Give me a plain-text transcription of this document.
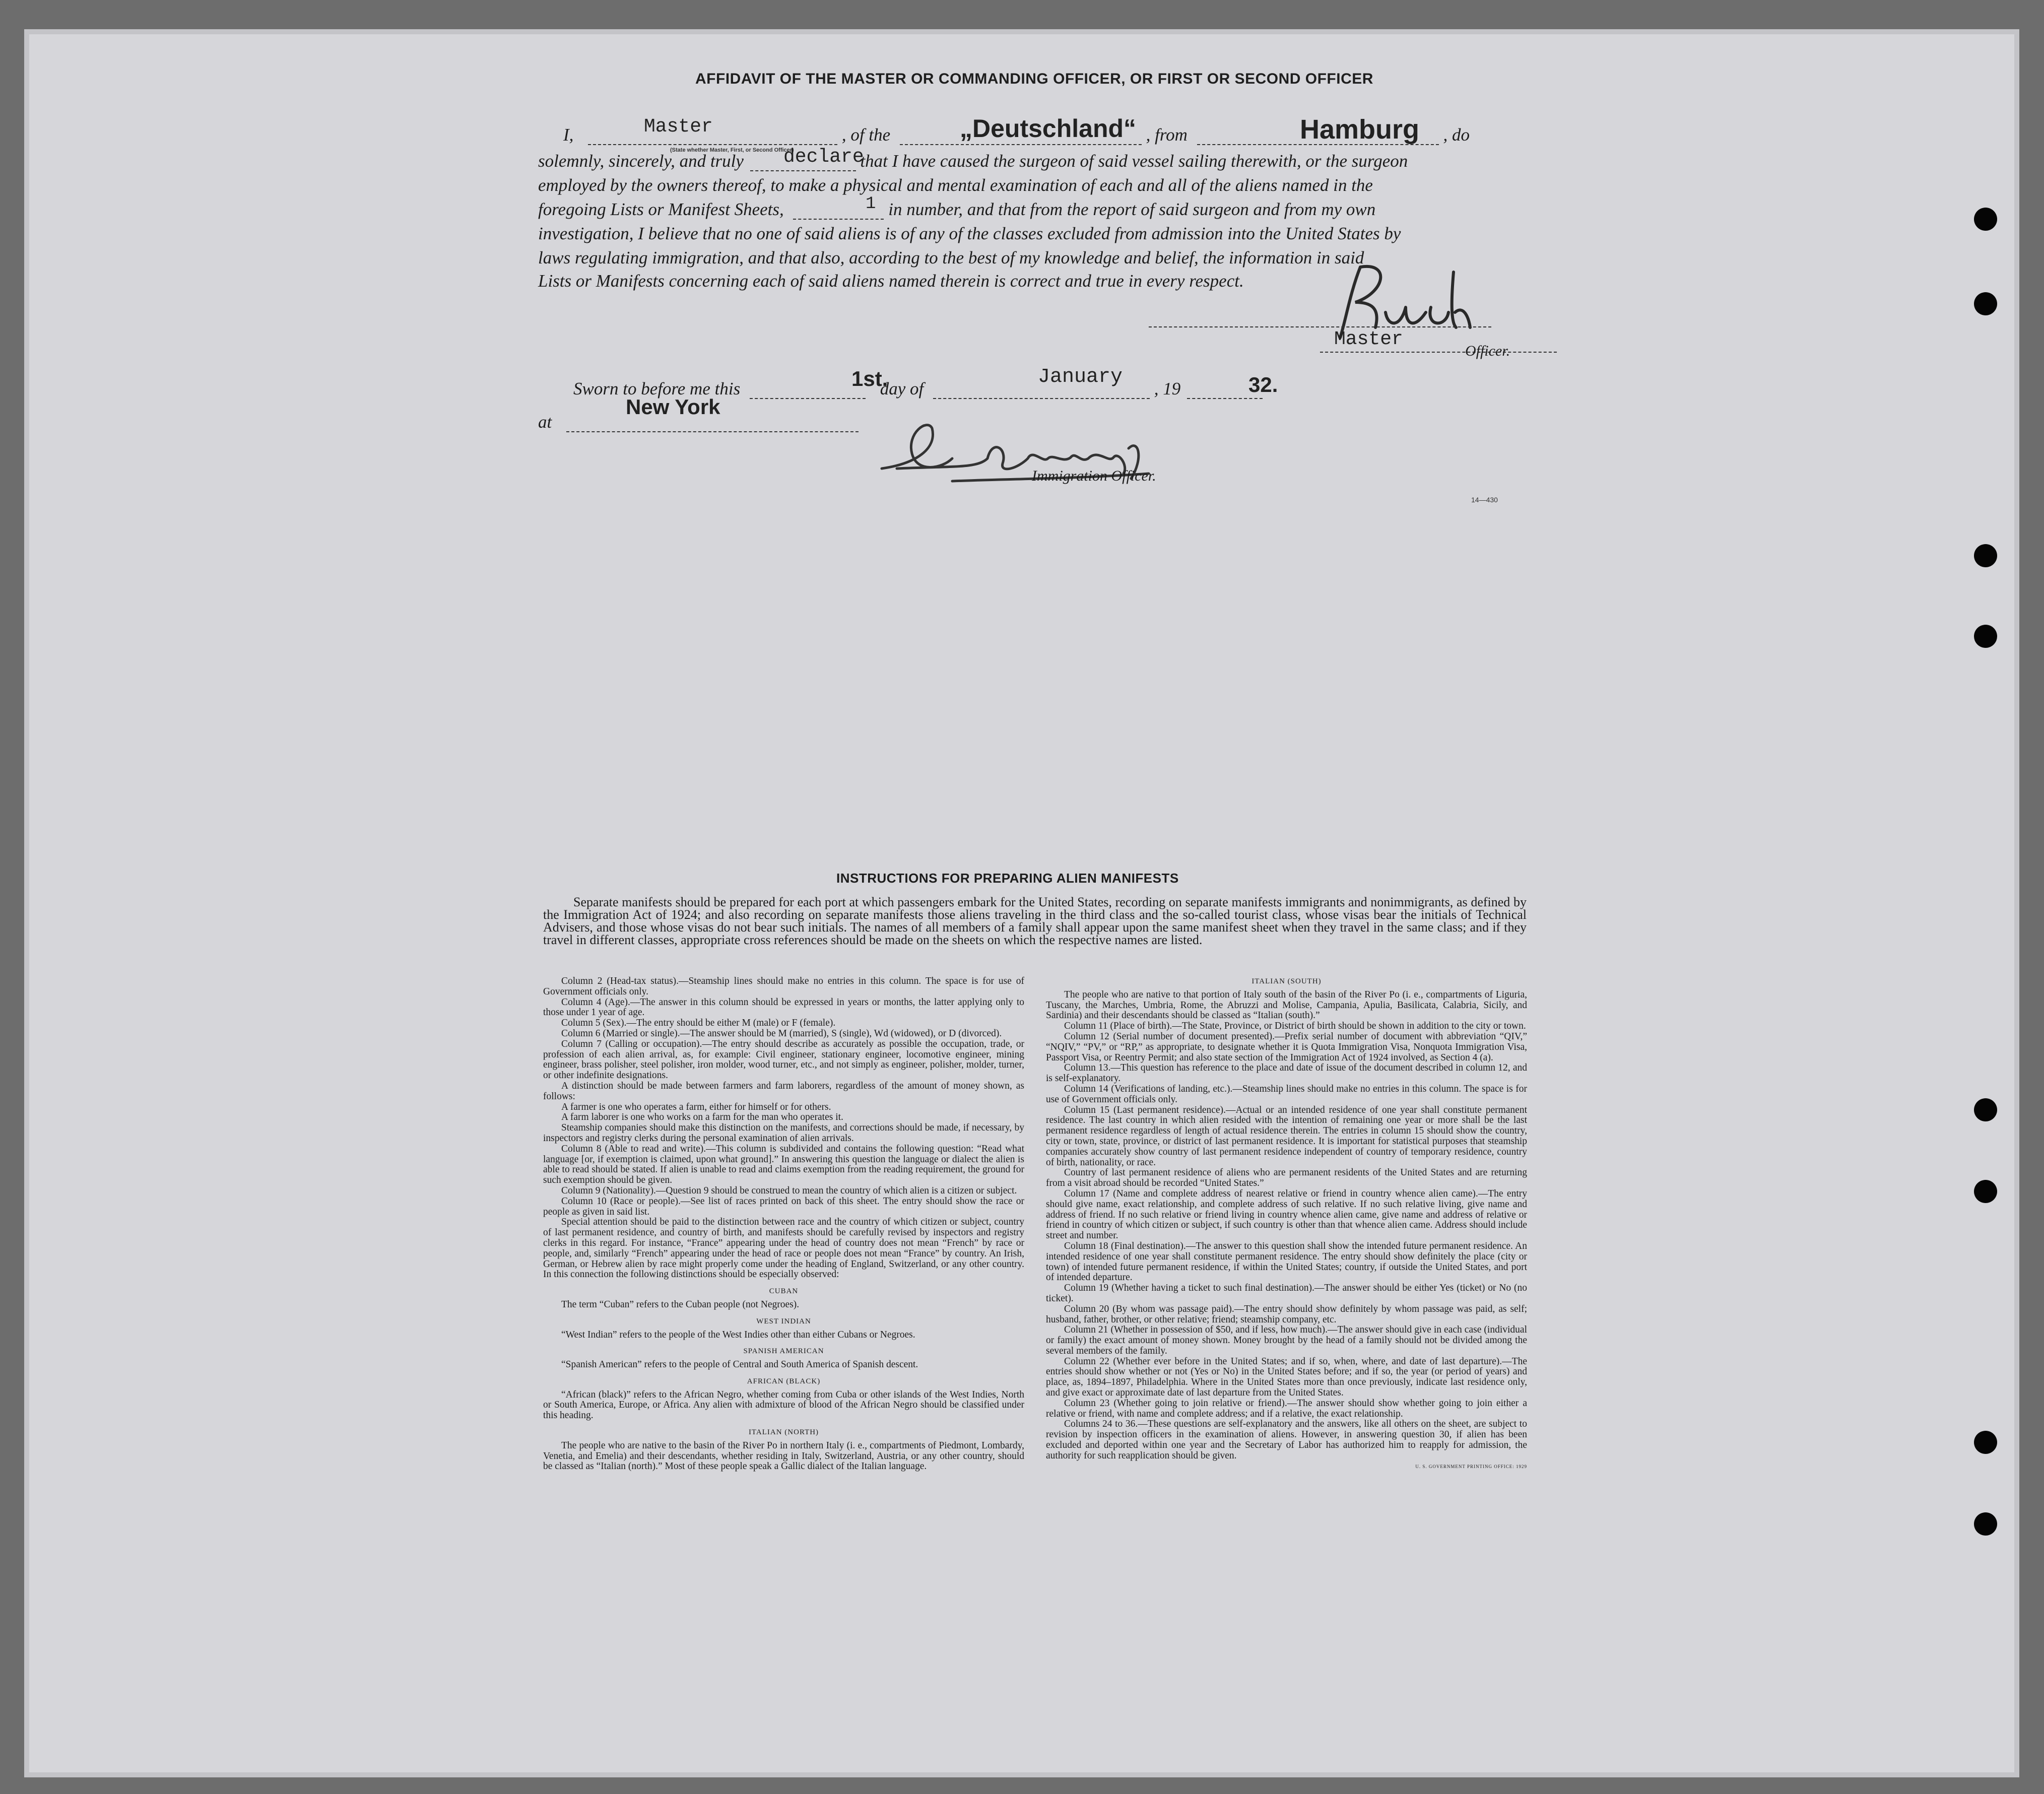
AFFIDAVIT OF THE MASTER OR COMMANDING OFFICER, OR FIRST OR SECOND OFFICER
I,	, of the	, from	, do
Master
(State whether Master, First, or Second Officer)
„Deutschland“	Hamburg
solemnly, sincerely, and truly	that I have caused the surgeon of said vessel sailing therewith, or the surgeon
declare
employed by the owners thereof, to make a physical and mental examination of each and all of the aliens named in the
foregoing Lists or Manifest Sheets,	in number, and that from the report of said surgeon and from my own
1
investigation, I believe that no one of said aliens is of any of the classes excluded from admission into the United States by
laws regulating immigration, and that also, according to the best of my knowledge and belief, the information in said
Lists or Manifests concerning each of said aliens named therein is correct and true in every respect.
Master
Officer.
Sworn to before me this	day of	, 19
1st.	January	32.
at
New York
Immigration Officer.
14—430
INSTRUCTIONS FOR PREPARING ALIEN MANIFESTS
Separate manifests should be prepared for each port at which passengers embark for the United States, recording on separate manifests immigrants and nonimmigrants, as defined by the Immigration Act of 1924; and also recording on separate manifests those aliens traveling in the third class and the so-called tourist class, whose visas bear the initials of Technical Advisers, and those whose visas do not bear such initials. The names of all members of a family shall appear upon the same manifest sheet when they travel in the same class; and if they travel in different classes, appropriate cross references should be made on the sheets on which the respective names are listed.

Column 2 (Head-tax status).—Steamship lines should make no entries in this column. The space is for use of Government officials only.

Column 4 (Age).—The answer in this column should be expressed in years or months, the latter applying only to those under 1 year of age.

Column 5 (Sex).—The entry should be either M (male) or F (female).

Column 6 (Married or single).—The answer should be M (married), S (single), Wd (widowed), or D (divorced).

Column 7 (Calling or occupation).—The entry should describe as accurately as possible the occupation, trade, or profession of each alien arrival, as, for example: Civil engineer, stationary engineer, locomotive engineer, mining engineer, brass polisher, steel polisher, iron molder, wood turner, etc., and not simply as engineer, polisher, molder, turner, or other indefinite designations.

A distinction should be made between farmers and farm laborers, regardless of the amount of money shown, as follows:

A farmer is one who operates a farm, either for himself or for others.

A farm laborer is one who works on a farm for the man who operates it.

Steamship companies should make this distinction on the manifests, and corrections should be made, if necessary, by inspectors and registry clerks during the personal examination of alien arrivals.

Column 8 (Able to read and write).—This column is subdivided and contains the following question: “Read what language [or, if exemption is claimed, upon what ground].” In answering this question the language or dialect the alien is able to read should be stated. If alien is unable to read and claims exemption from the reading requirement, the ground for such exemption should be given.

Column 9 (Nationality).—Question 9 should be construed to mean the country of which alien is a citizen or subject.

Column 10 (Race or people).—See list of races printed on back of this sheet. The entry should show the race or people as given in said list.

Special attention should be paid to the distinction between race and the country of which citizen or subject, country of last permanent residence, and country of birth, and manifests should be carefully revised by inspectors and registry clerks in this regard. For instance, “France” appearing under the head of country does not mean “French” by race or people, and, similarly “French” appearing under the head of race or people does not mean “France” by country. An Irish, German, or Hebrew alien by race might properly come under the heading of England, Switzerland, or any other country. In this connection the following distinctions should be especially observed:

CUBAN

The term “Cuban” refers to the Cuban people (not Negroes).

WEST INDIAN

“West Indian” refers to the people of the West Indies other than either Cubans or Negroes.

SPANISH AMERICAN

“Spanish American” refers to the people of Central and South America of Spanish descent.

AFRICAN (BLACK)

“African (black)” refers to the African Negro, whether coming from Cuba or other islands of the West Indies, North or South America, Europe, or Africa. Any alien with admixture of blood of the African Negro should be classified under this heading.

ITALIAN (NORTH)

The people who are native to the basin of the River Po in northern Italy (i. e., compartments of Piedmont, Lombardy, Venetia, and Emelia) and their descendants, whether residing in Italy, Switzerland, Austria, or any other country, should be classed as “Italian (north).” Most of these people speak a Gallic dialect of the Italian language.

ITALIAN (SOUTH)

The people who are native to that portion of Italy south of the basin of the River Po (i. e., compartments of Liguria, Tuscany, the Marches, Umbria, Rome, the Abruzzi and Molise, Campania, Apulia, Basilicata, Calabria, Sicily, and Sardinia) and their descendants should be classed as “Italian (south).”

Column 11 (Place of birth).—The State, Province, or District of birth should be shown in addition to the city or town.

Column 12 (Serial number of document presented).—Prefix serial number of document with abbreviation “QIV,” “NQIV,” “PV,” or “RP,” as appropriate, to designate whether it is Quota Immigration Visa, Nonquota Immigration Visa, Passport Visa, or Reentry Permit; and also state section of the Immigration Act of 1924 involved, as Section 4 (a).

Column 13.—This question has reference to the place and date of issue of the document described in column 12, and is self-explanatory.

Column 14 (Verifications of landing, etc.).—Steamship lines should make no entries in this column. The space is for use of Government officials only.

Column 15 (Last permanent residence).—Actual or an intended residence of one year shall constitute permanent residence. The last country in which alien resided with the intention of remaining one year or more shall be the last permanent residence regardless of length of actual residence therein. The entries in column 15 should show the country, city or town, state, province, or district of last permanent residence. It is important for statistical purposes that steamship companies accurately show country of last permanent residence independent of country of temporary residence, country of birth, nationality, or race.

Country of last permanent residence of aliens who are permanent residents of the United States and are returning from a visit abroad should be recorded “United States.”

Column 17 (Name and complete address of nearest relative or friend in country whence alien came).—The entry should give name, exact relationship, and complete address of such relative. If no such relative living, give name and address of friend. If no such relative or friend living in country whence alien came, give name and address of relative or friend in country of which citizen or subject, if such country is other than that whence alien came. Address should include street and number.

Column 18 (Final destination).—The answer to this question shall show the intended future permanent residence. An intended residence of one year shall constitute permanent residence. The entry should show definitely the place (city or town) of intended future permanent residence, if within the United States; country, if outside the United States, and port of intended departure.

Column 19 (Whether having a ticket to such final destination).—The answer should be either Yes (ticket) or No (no ticket).

Column 20 (By whom was passage paid).—The entry should show definitely by whom passage was paid, as self; husband, father, brother, or other relative; friend; steamship company, etc.

Column 21 (Whether in possession of $50, and if less, how much).—The answer should give in each case (individual or family) the exact amount of money shown. Money brought by the head of a family should not be divided among the several members of the family.

Column 22 (Whether ever before in the United States; and if so, when, where, and date of last departure).—The entries should show whether or not (Yes or No) in the United States before; and if so, the year (or period of years) and place, as, 1894–1897, Philadelphia. Where in the United States more than once previously, indicate last residence only, and give exact or approximate date of last departure from the United States.

Column 23 (Whether going to join relative or friend).—The answer should show whether going to join either a relative or friend, with name and complete address; and if a relative, the exact relationship.

Columns 24 to 36.—These questions are self-explanatory and the answers, like all others on the sheet, are subject to revision by inspection officers in the examination of aliens. However, in answering question 30, if alien has been excluded and deported within one year and the Secretary of Labor has authorized him to reapply for admission, the authority for such reapplication should be given.

U. S. GOVERNMENT PRINTING OFFICE: 1929
